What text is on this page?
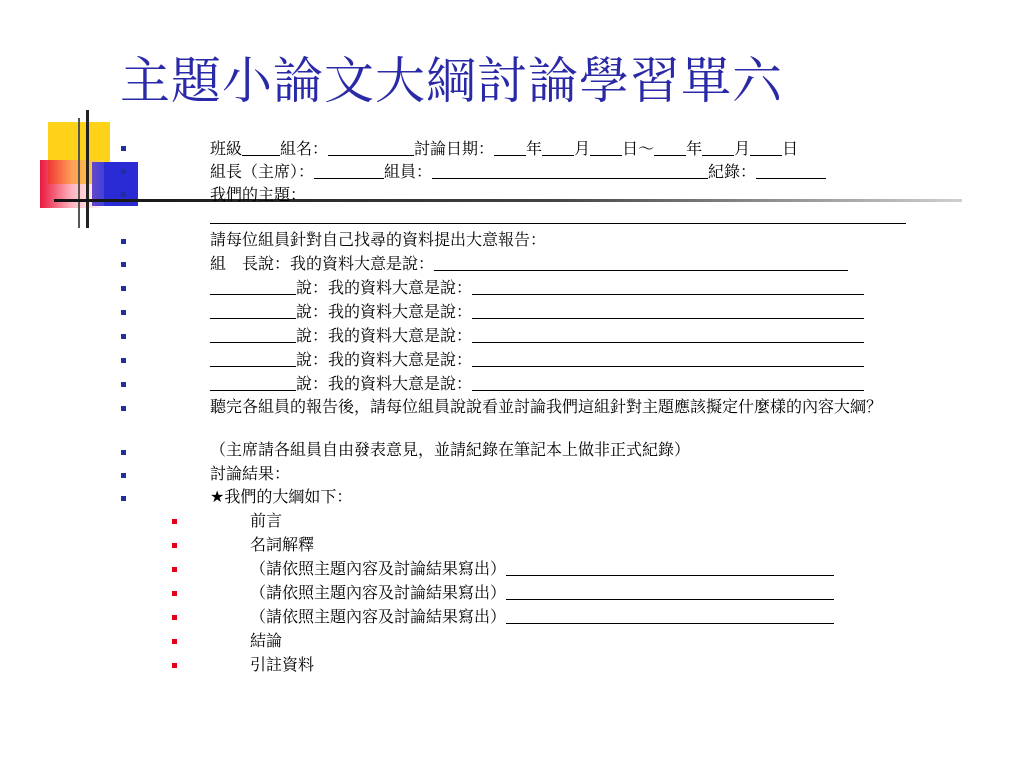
主題小論文大綱討論學習單六
班級 組名：	討論日期： 年 月 日～ 年 月 日
組長（主席）：	組員：	紀錄：
我們的主題：
請每位組員針對自己找尋的資料提出大意報告：
組　長說：我的資料大意是說：
說：我的資料大意是說：
說：我的資料大意是說：
說：我的資料大意是說：
說：我的資料大意是說：
說：我的資料大意是說：
聽完各組員的報告後，請每位組員說說看並討論我們這組針對主題應該擬定什麼樣的內容大綱？
（主席請各組員自由發表意見，並請紀錄在筆記本上做非正式紀錄）
討論結果：
★我們的大綱如下：
前言
名詞解釋
（請依照主題內容及討論結果寫出）
（請依照主題內容及討論結果寫出）
（請依照主題內容及討論結果寫出）
結論
引註資料
